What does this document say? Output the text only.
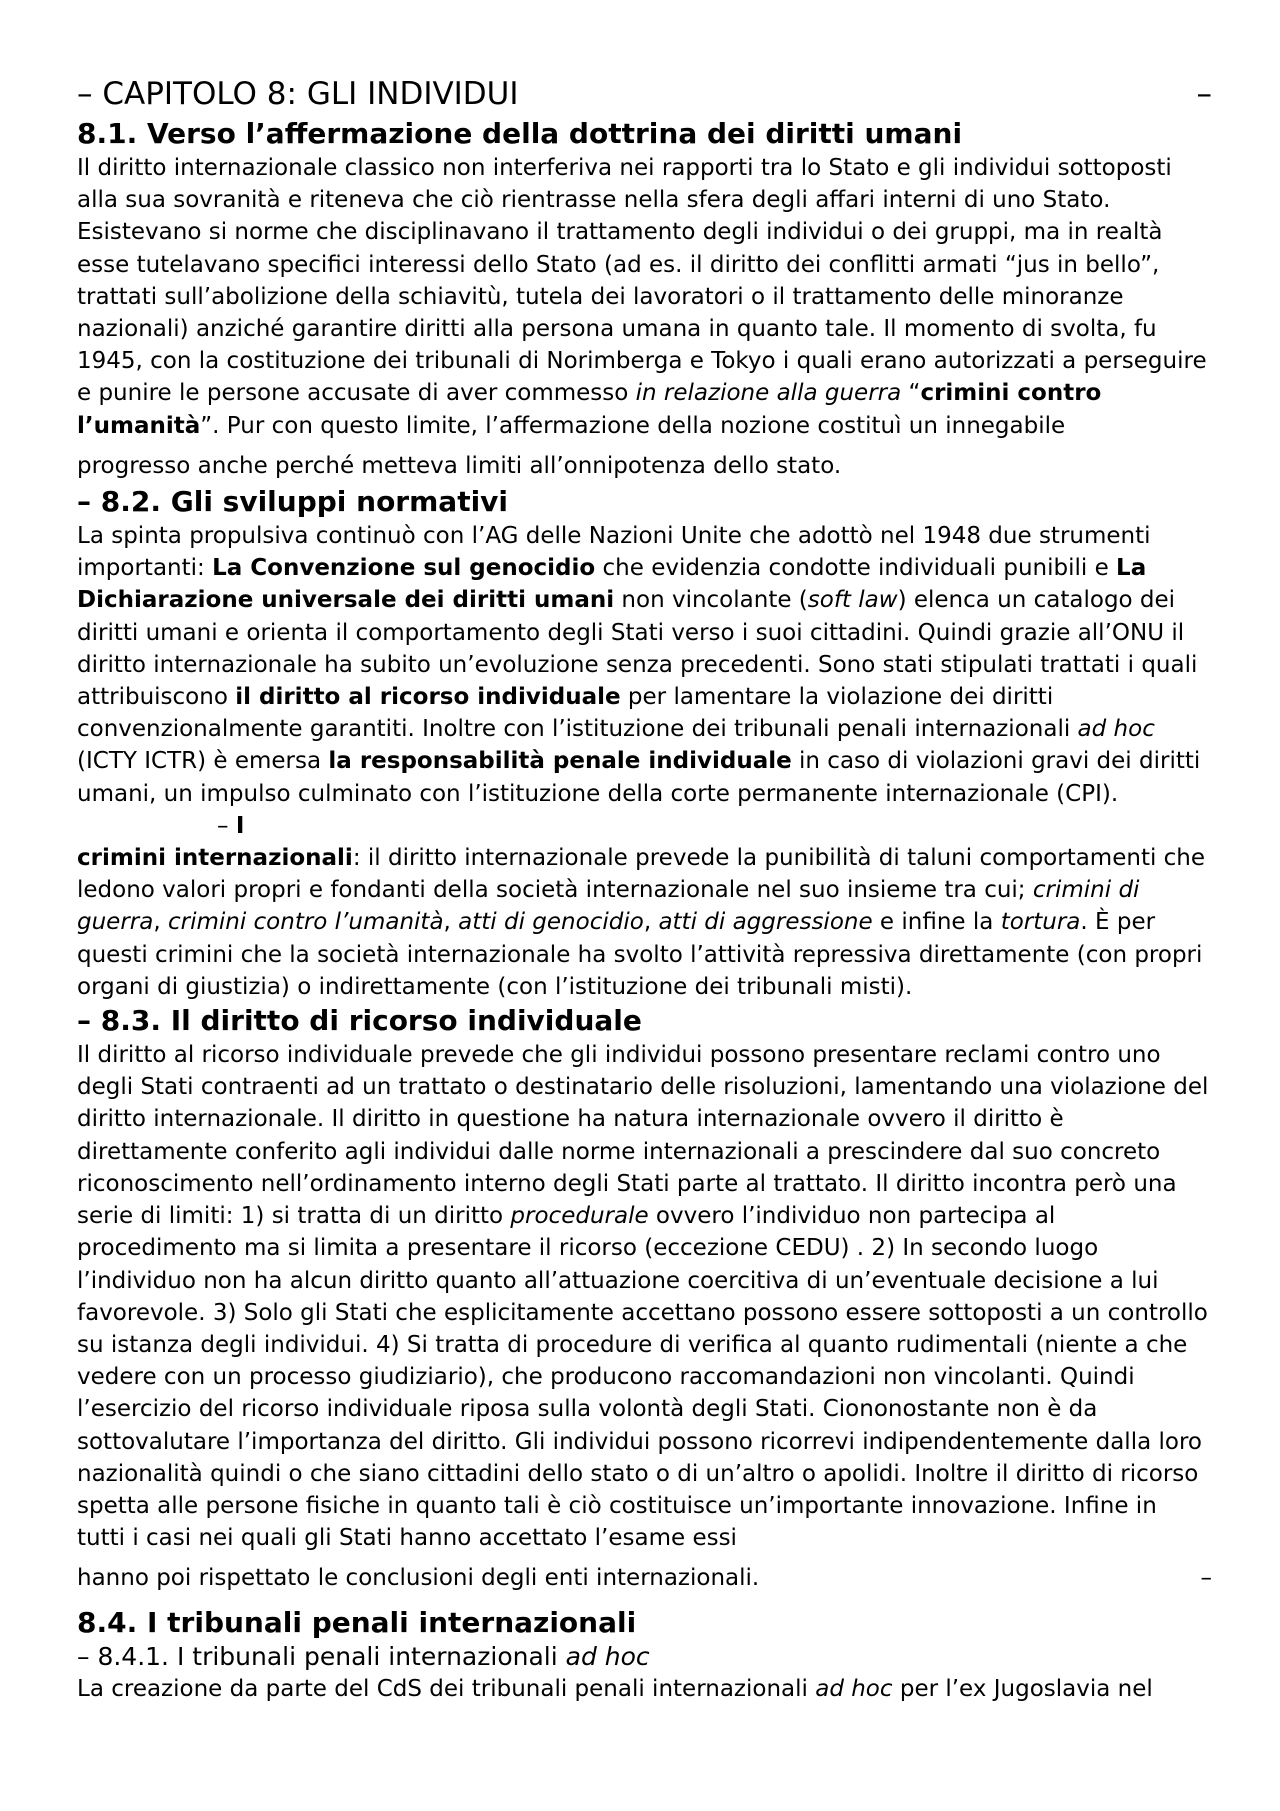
– CAPITOLO 8: GLI INDIVIDUI	–
8.1. Verso l’affermazione della dottrina dei diritti umani

Il diritto internazionale classico non interferiva nei rapporti tra lo Stato e gli individui sottoposti alla sua sovranità e riteneva che ciò rientrasse nella sfera degli affari interni di uno Stato. Esistevano si norme che disciplinavano il trattamento degli individui o dei gruppi, ma in realtà esse tutelavano specifici interessi dello Stato (ad es. il diritto dei conflitti armati “jus in bello”, trattati sull’abolizione della schiavitù, tutela dei lavoratori o il trattamento delle minoranze nazionali) anziché garantire diritti alla persona umana in quanto tale. Il momento di svolta, fu 1945, con la costituzione dei tribunali di Norimberga e Tokyo i quali erano autorizzati a perseguire e punire le persone accusate di aver commesso in relazione alla guerra “crimini contro l’umanità”. Pur con questo limite, l’affermazione della nozione costituì un innegabile

progresso anche perché metteva limiti all’onnipotenza dello stato.

– 8.2. Gli sviluppi normativi

La spinta propulsiva continuò con l’AG delle Nazioni Unite che adottò nel 1948 due strumenti importanti: La Convenzione sul genocidio che evidenzia condotte individuali punibili e La Dichiarazione universale dei diritti umani non vincolante (soft law) elenca un catalogo dei diritti umani e orienta il comportamento degli Stati verso i suoi cittadini. Quindi grazie all’ONU il diritto internazionale ha subito un’evoluzione senza precedenti. Sono stati stipulati trattati i quali attribuiscono il diritto al ricorso individuale per lamentare la violazione dei diritti convenzionalmente garantiti. Inoltre con l’istituzione dei tribunali penali internazionali ad hoc (ICTY ICTR) è emersa la responsabilità penale individuale in caso di violazioni gravi dei diritti umani, un impulso culminato con l’istituzione della corte permanente internazionale (CPI).– I

crimini internazionali: il diritto internazionale prevede la punibilità di taluni comportamenti che ledono valori propri e fondanti della società internazionale nel suo insieme tra cui; crimini di guerra, crimini contro l’umanità, atti di genocidio, atti di aggressione e infine la tortura. È per questi crimini che la società internazionale ha svolto l’attività repressiva direttamente (con propri organi di giustizia) o indirettamente (con l’istituzione dei tribunali misti).

– 8.3. Il diritto di ricorso individuale

Il diritto al ricorso individuale prevede che gli individui possono presentare reclami contro uno degli Stati contraenti ad un trattato o destinatario delle risoluzioni, lamentando una violazione del diritto internazionale. Il diritto in questione ha natura internazionale ovvero il diritto è direttamente conferito agli individui dalle norme internazionali a prescindere dal suo concreto riconoscimento nell’ordinamento interno degli Stati parte al trattato. Il diritto incontra però una serie di limiti: 1) si tratta di un diritto procedurale ovvero l’individuo non partecipa al procedimento ma si limita a presentare il ricorso (eccezione CEDU) . 2) In secondo luogo l’individuo non ha alcun diritto quanto all’attuazione coercitiva di un’eventuale decisione a lui favorevole. 3) Solo gli Stati che esplicitamente accettano possono essere sottoposti a un controllo su istanza degli individui. 4) Si tratta di procedure di verifica al quanto rudimentali (niente a che vedere con un processo giudiziario), che producono raccomandazioni non vincolanti. Quindi l’esercizio del ricorso individuale riposa sulla volontà degli Stati. Ciononostante non è da sottovalutare l’importanza del diritto. Gli individui possono ricorrevi indipendentemente dalla loro nazionalità quindi o che siano cittadini dello stato o di un’altro o apolidi. Inoltre il diritto di ricorso spetta alle persone fisiche in quanto tali è ciò costituisce un’importante innovazione. Infine in tutti i casi nei quali gli Stati hanno accettato l’esame essi

hanno poi rispettato le conclusioni degli enti internazionali.	–

8.4. I tribunali penali internazionali
– 8.4.1. I tribunali penali internazionali ad hoc

La creazione da parte del CdS dei tribunali penali internazionali ad hoc per l’ex Jugoslavia nel
